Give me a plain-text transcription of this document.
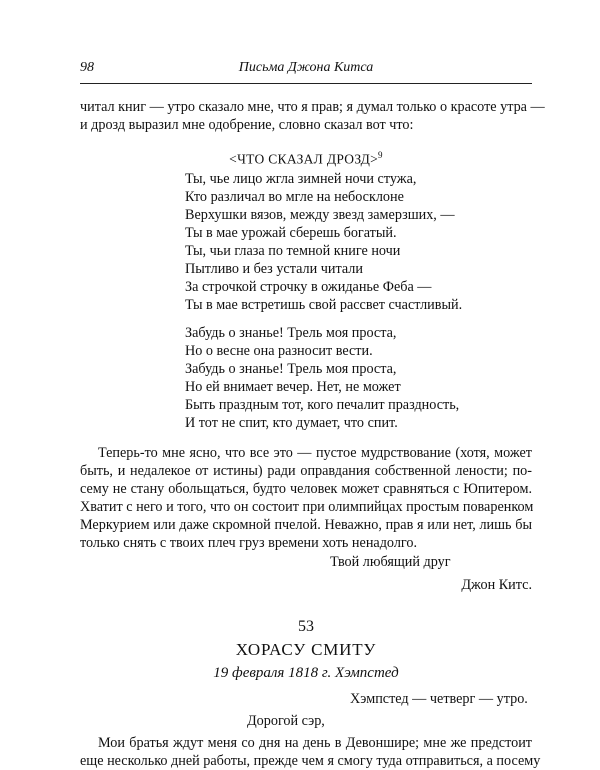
98	Письма Джона Китса
читал книг — утро сказало мне, что я прав; я думал только о красоте утра —
и дрозд выразил мне одобрение, словно сказал вот что:
<ЧТО СКАЗАЛ ДРОЗД>$^9$
Ты, чье лицо жгла зимней ночи стужа,
Кто различал во мгле на небосклоне
Верхушки вязов, между звезд замерзших, —
Ты в мае урожай сберешь богатый.
Ты, чьи глаза по темной книге ночи
Пытливо и без устали читали
За строчкой строчку в ожиданье Феба —
Ты в мае встретишь свой рассвет счастливый.
Забудь о знанье! Трель моя проста,
Но о весне она разносит вести.
Забудь о знанье! Трель моя проста,
Но ей внимает вечер. Нет, не может
Быть праздным тот, кого печалит праздность,
И тот не спит, кто думает, что спит.
Теперь-то мне ясно, что все это — пустое мудрствование (хотя, может
быть, и недалекое от истины) ради оправдания собственной лености; по-
сему не стану обольщаться, будто человек может сравняться с Юпитером.
Хватит с него и того, что он состоит при олимпийцах простым поваренком
Меркурием или даже скромной пчелой. Неважно, прав я или нет, лишь бы
только снять с твоих плеч груз времени хоть ненадолго.
Твой любящий друг
Джон Китс.
53
ХОРАСУ СМИТУ
19 февраля 1818 г. Хэмпстед
Хэмпстед — четверг — утро.
Дорогой сэр,
Мои братья ждут меня со дня на день в Девоншире; мне же предстоит
еще несколько дней работы, прежде чем я смогу туда отправиться, а посему
